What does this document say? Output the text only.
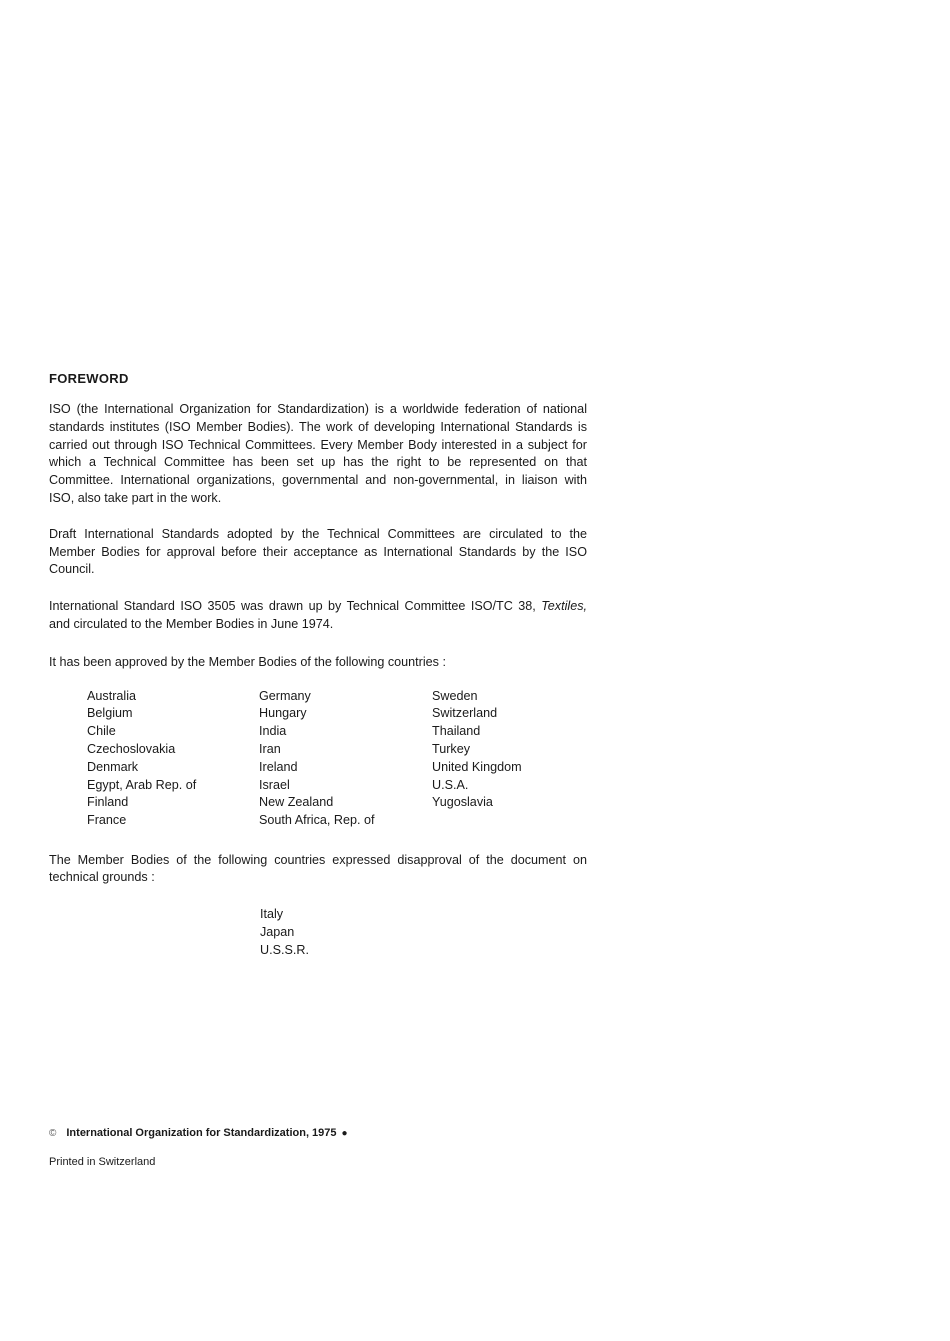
FOREWORD

ISO (the International Organization for Standardization) is a worldwide federation of national standards institutes (ISO Member Bodies). The work of developing International Standards is carried out through ISO Technical Committees. Every Member Body interested in a subject for which a Technical Committee has been set up has the right to be represented on that Committee. International organizations, governmental and non-governmental, in liaison with ISO, also take part in the work.

Draft International Standards adopted by the Technical Committees are circulated to the Member Bodies for approval before their acceptance as International Standards by the ISO Council.

International Standard ISO 3505 was drawn up by Technical Committee ISO/TC 38, Textiles, and circulated to the Member Bodies in June 1974.

It has been approved by the Member Bodies of the following countries :

Australia
Belgium
Chile
Czechoslovakia
Denmark
Egypt, Arab Rep. of
Finland
France
Germany
Hungary
India
Iran
Ireland
Israel
New Zealand
South Africa, Rep. of
Sweden
Switzerland
Thailand
Turkey
United Kingdom
U.S.A.
Yugoslavia

The Member Bodies of the following countries expressed disapproval of the document on technical grounds :

Italy
Japan
U.S.S.R.
© International Organization for Standardization, 1975 ●
Printed in Switzerland
